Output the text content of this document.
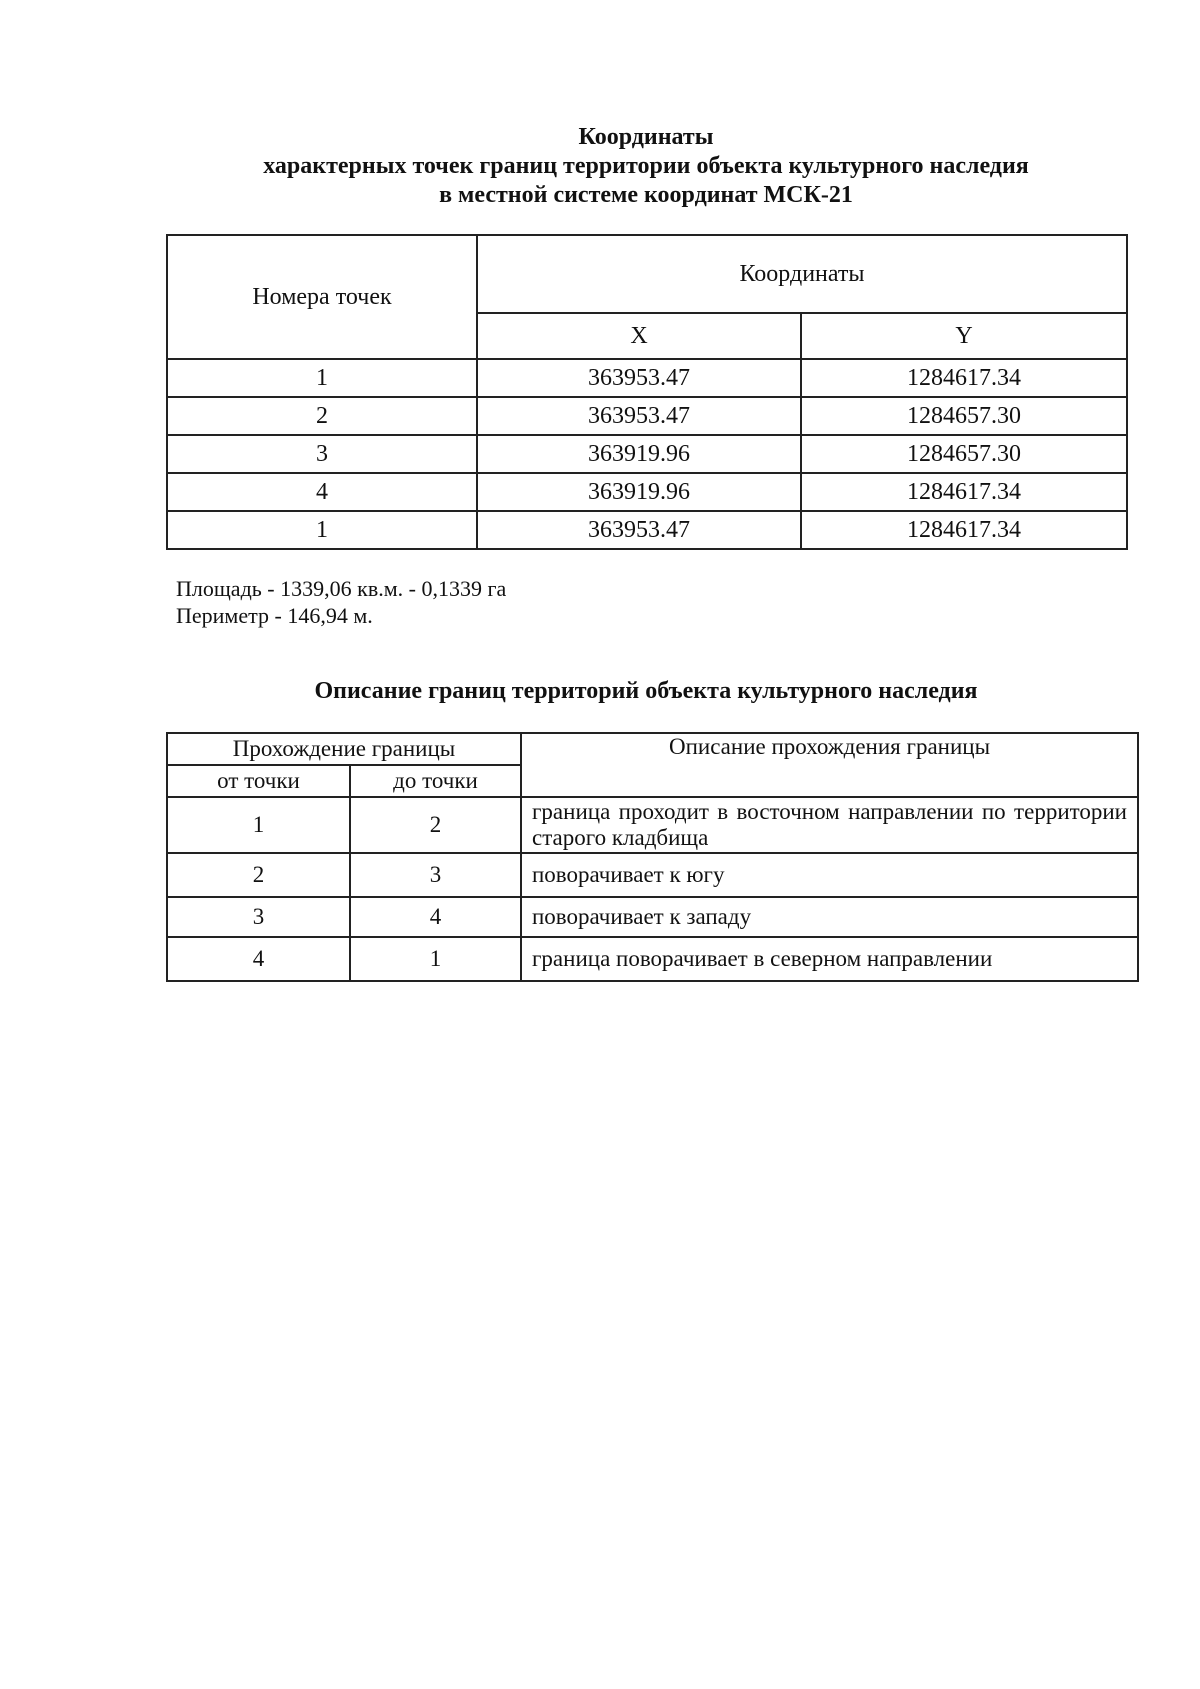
Координаты
характерных точек границ территории объекта культурного наследия
в местной системе координат МСК-21
Номера точек	Координаты	
	X	Y
1	363953.47	1284617.34
2	363953.47	1284657.30
3	363919.96	1284657.30
4	363919.96	1284617.34
1	363953.47	1284617.34
Площадь - 1339,06 кв.м. - 0,1339 га
Периметр - 146,94 м.
Описание границ территорий объекта культурного наследия
Прохождение границы		Описание прохождения границы
от точки	до точки	
1	2	граница проходит в восточном направлении по территории старого кладбища
2	3	поворачивает к югу
3	4	поворачивает к западу
4	1	граница поворачивает в северном направлении
